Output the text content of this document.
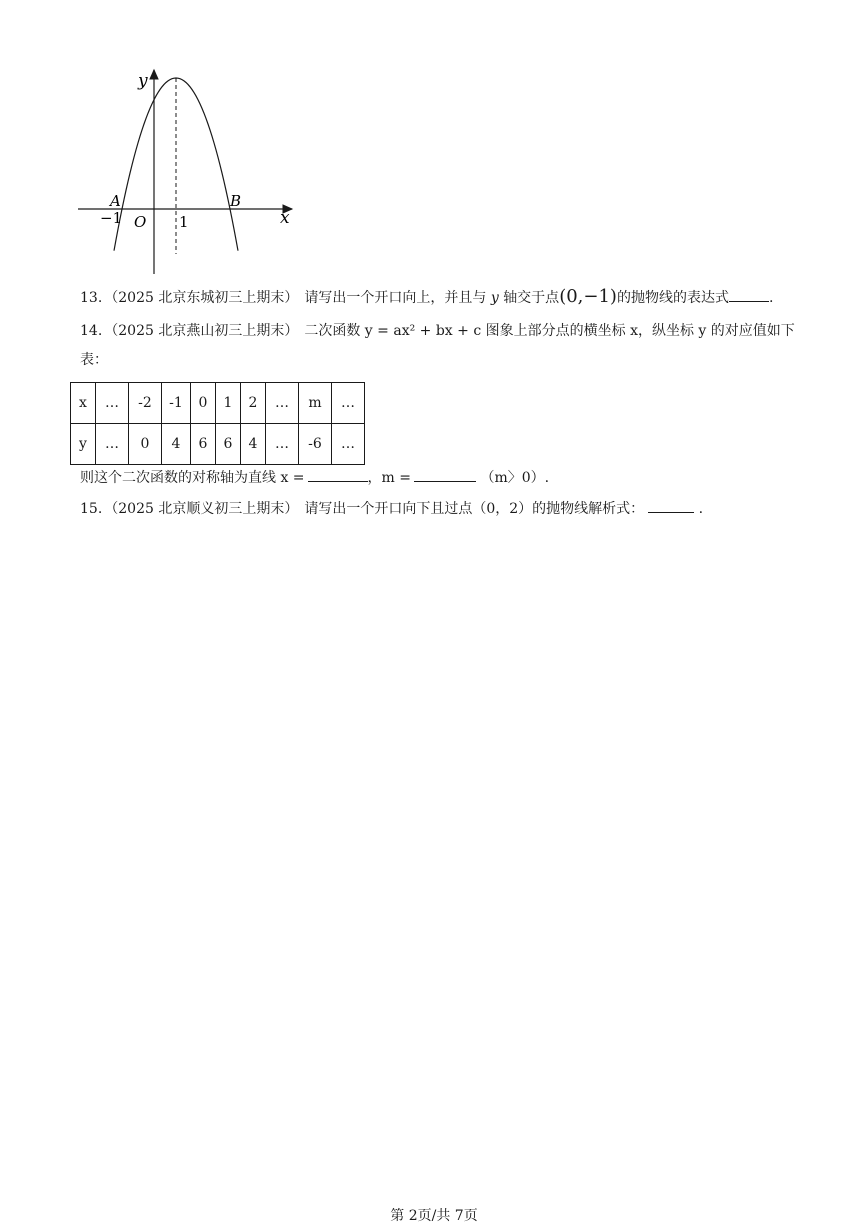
y
x
A	B
O
−1	1
13. （2025 北京东城初三上期末） 请写出一个开口向上，并且与 y 轴交于点(0,−1)的抛物线的表达式	.
14. （2025 北京燕山初三上期末） 二次函数 y = ax² + bx + c 图象上部分点的横坐标 x，纵坐标 y 的对应值如下
表：
x	…	-2	-1	0	1	2	…	m	…
y	…	0	4	6	6	4	…	-6	…
则这个二次函数的对称轴为直线 x =	，m =	（m〉0）.
15. （2025 北京顺义初三上期末） 请写出一个开口向下且过点（0，2）的抛物线解析式：	.
第 2页/共 7页
